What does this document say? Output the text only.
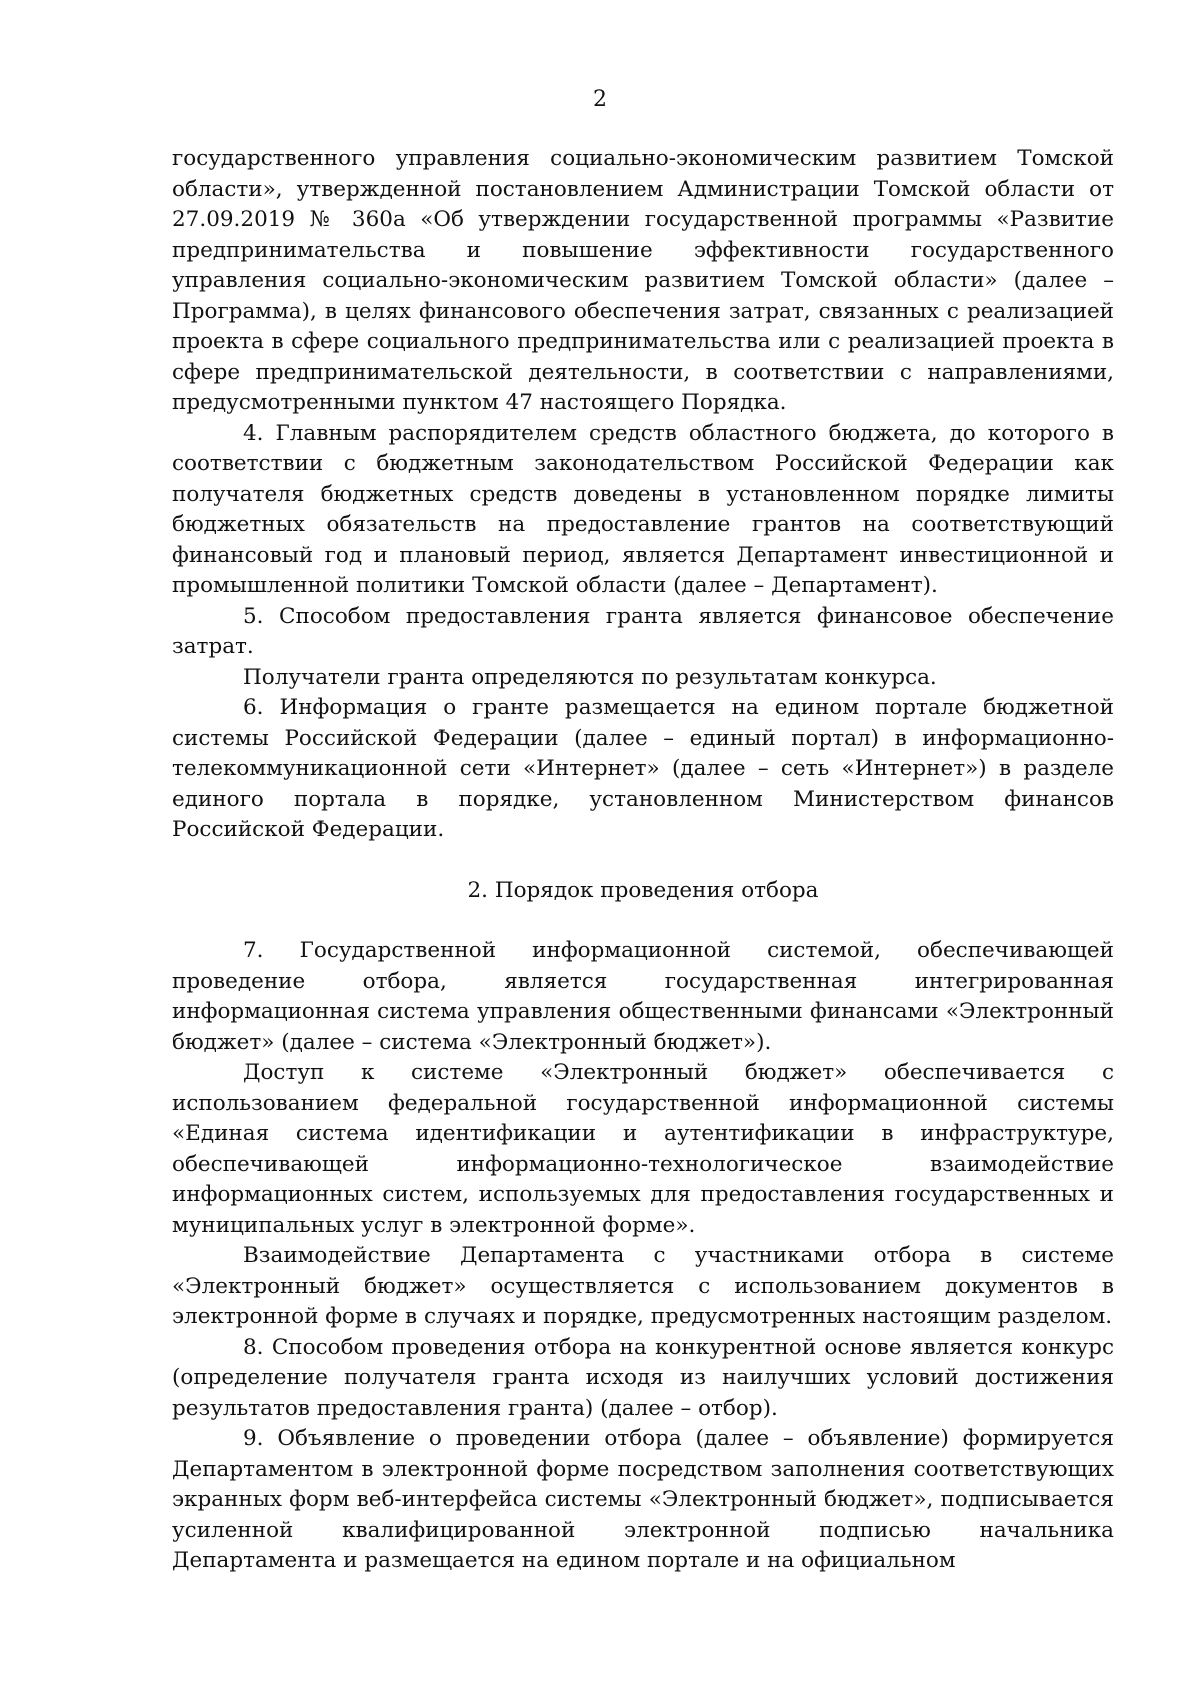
2

государственного управления социально-экономическим развитием Томской области», утвержденной постановлением Администрации Томской области от 27.09.2019 № 360а «Об утверждении государственной программы «Развитие предпринимательства и повышение эффективности государственного управления социально-экономическим развитием Томской области» (далее – Программа), в целях финансового обеспечения затрат, связанных с реализацией проекта в сфере социального предпринимательства или с реализацией проекта в сфере предпринимательской деятельности, в соответствии с направлениями, предусмотренными пунктом 47 настоящего Порядка.

4. Главным распорядителем средств областного бюджета, до которого в соответствии с бюджетным законодательством Российской Федерации как получателя бюджетных средств доведены в установленном порядке лимиты бюджетных обязательств на предоставление грантов на соответствующий финансовый год и плановый период, является Департамент инвестиционной и промышленной политики Томской области (далее – Департамент).

5. Способом предоставления гранта является финансовое обеспечение затрат.

Получатели гранта определяются по результатам конкурса.

6. Информация о гранте размещается на едином портале бюджетной системы Российской Федерации (далее – единый портал) в информационно-телекоммуникационной сети «Интернет» (далее – сеть «Интернет») в разделе единого портала в порядке, установленном Министерством финансов Российской Федерации.

2. Порядок проведения отбора

7. Государственной информационной системой, обеспечивающей проведение отбора, является государственная интегрированная информационная система управления общественными финансами «Электронный бюджет» (далее – система «Электронный бюджет»).

Доступ к системе «Электронный бюджет» обеспечивается с использованием федеральной государственной информационной системы «Единая система идентификации и аутентификации в инфраструктуре, обеспечивающей информационно-технологическое взаимодействие информационных систем, используемых для предоставления государственных и муниципальных услуг в электронной форме».

Взаимодействие Департамента с участниками отбора в системе «Электронный бюджет» осуществляется с использованием документов в электронной форме в случаях и порядке, предусмотренных настоящим разделом.

8. Способом проведения отбора на конкурентной основе является конкурс (определение получателя гранта исходя из наилучших условий достижения результатов предоставления гранта) (далее – отбор).

9. Объявление о проведении отбора (далее – объявление) формируется Департаментом в электронной форме посредством заполнения соответствующих экранных форм веб-интерфейса системы «Электронный бюджет», подписывается усиленной квалифицированной электронной подписью начальника Департамента и размещается на едином портале и на официальном
